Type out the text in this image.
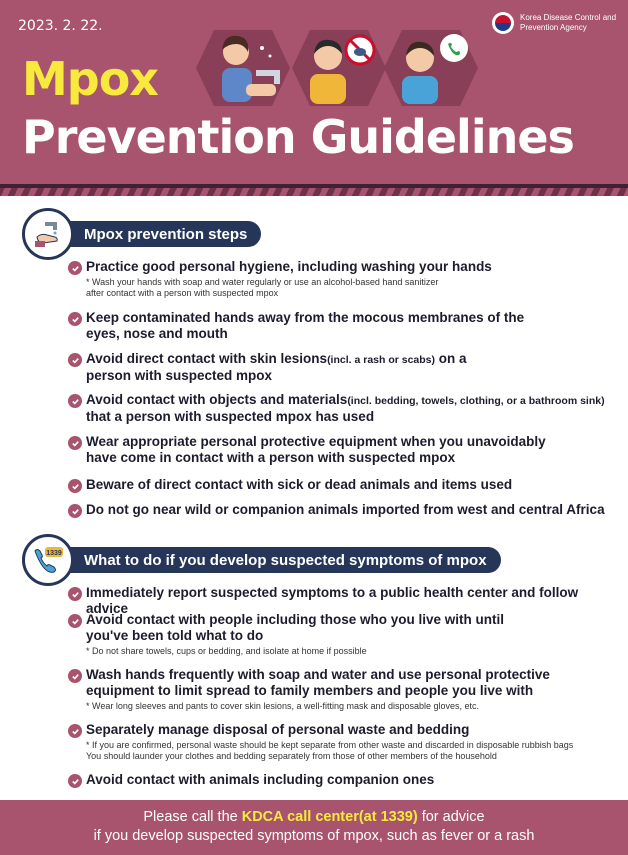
2023. 2. 22.
Korea Disease Control and Prevention Agency
Mpox
Prevention Guidelines
Mpox prevention steps
Practice good personal hygiene, including washing your hands
* Wash your hands with soap and water regularly or use an alcohol-based hand sanitizer
after contact with a person with suspected mpox
Keep contaminated hands away from the mocous membranes of the eyes, nose and mouth
Avoid direct contact with skin lesions(incl. a rash or scabs) on a person with suspected mpox
Avoid contact with objects and materials(incl. bedding, towels, clothing, or a bathroom sink) that a person with suspected mpox has used
Wear appropriate personal protective equipment when you unavoidably have come in contact with a person with suspected mpox
Beware of direct contact with sick or dead animals and items used
Do not go near wild or companion animals imported from west and central Africa
1339	What to do if you develop suspected symptoms of mpox
Immediately report suspected symptoms to a public health center and follow advice
Avoid contact with people including those who you live with until you've been told what to do
* Do not share towels, cups or bedding, and isolate at home if possible
Wash hands frequently with soap and water and use personal protective equipment to limit spread to family members and people you live with
* Wear long sleeves and pants to cover skin lesions, a well-fitting mask and disposable gloves, etc.
Separately manage disposal of personal waste and bedding
* If you are confirmed, personal waste should be kept separate from other waste and discarded in disposable rubbish bags
You should launder your clothes and bedding separately from those of other members of the household
Avoid contact with animals including companion ones
Please call the KDCA call center(at 1339) for advice
if you develop suspected symptoms of mpox, such as fever or a rash
